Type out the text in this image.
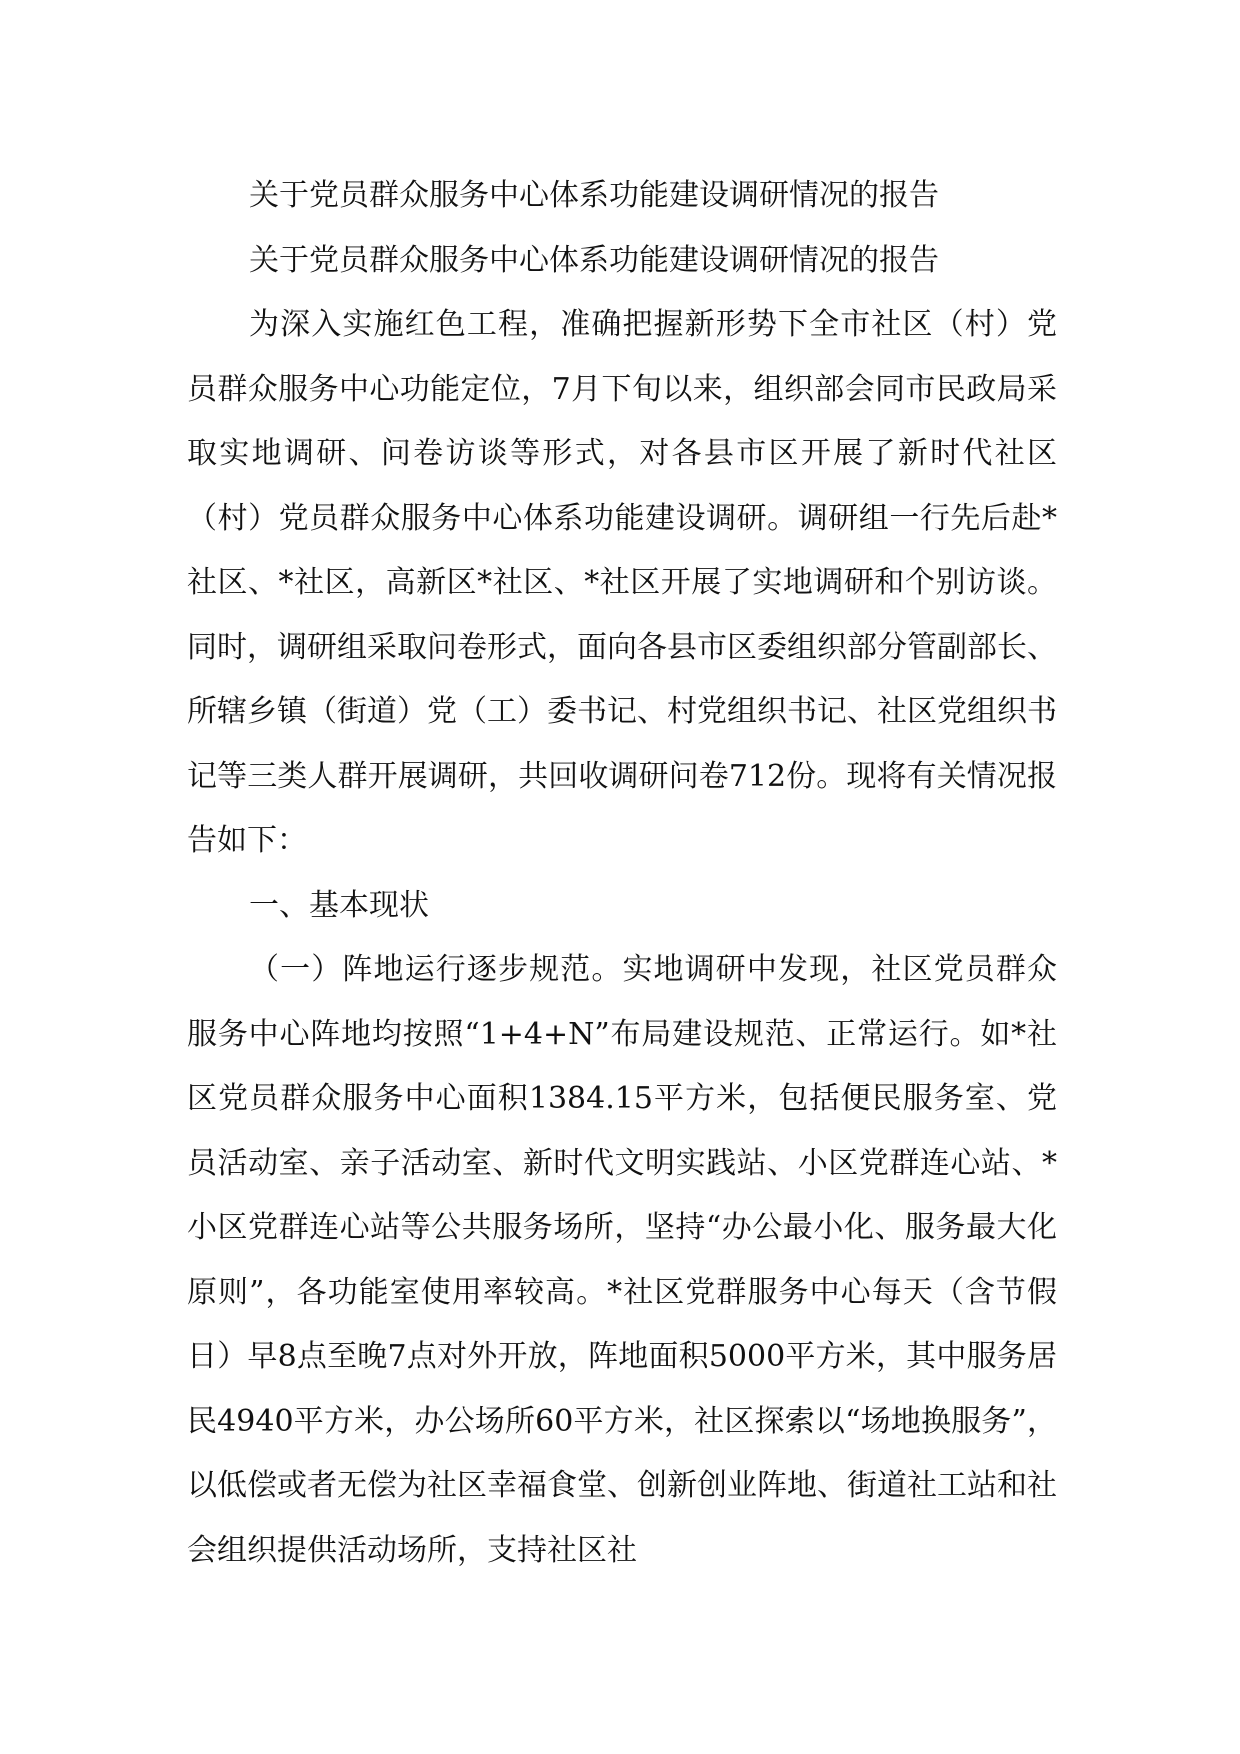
关于党员群众服务中心体系功能建设调研情况的报告
关于党员群众服务中心体系功能建设调研情况的报告

为深入实施红色工程，准确把握新形势下全市社区（村）党员群众服务中心功能定位，7月下旬以来，组织部会同市民政局采取实地调研、问卷访谈等形式，对各县市区开展了新时代社区（村）党员群众服务中心体系功能建设调研。调研组一行先后赴*社区、*社区，高新区*社区、*社区开展了实地调研和个别访谈。同时，调研组采取问卷形式，面向各县市区委组织部分管副部长、所辖乡镇（街道）党（工）委书记、村党组织书记、社区党组织书记等三类人群开展调研，共回收调研问卷712份。现将有关情况报告如下：

一、基本现状

（一）阵地运行逐步规范。实地调研中发现，社区党员群众服务中心阵地均按照“1+4+N”布局建设规范、正常运行。如*社区党员群众服务中心面积1384.15平方米，包括便民服务室、党员活动室、亲子活动室、新时代文明实践站、小区党群连心站、*小区党群连心站等公共服务场所，坚持“办公最小化、服务最大化原则”，各功能室使用率较高。*社区党群服务中心每天（含节假日）早8点至晚7点对外开放，阵地面积5000平方米，其中服务居民4940平方米，办公场所60平方米，社区探索以“场地换服务”，以低偿或者无偿为社区幸福食堂、创新创业阵地、街道社工站和社会组织提供活动场所，支持社区社
